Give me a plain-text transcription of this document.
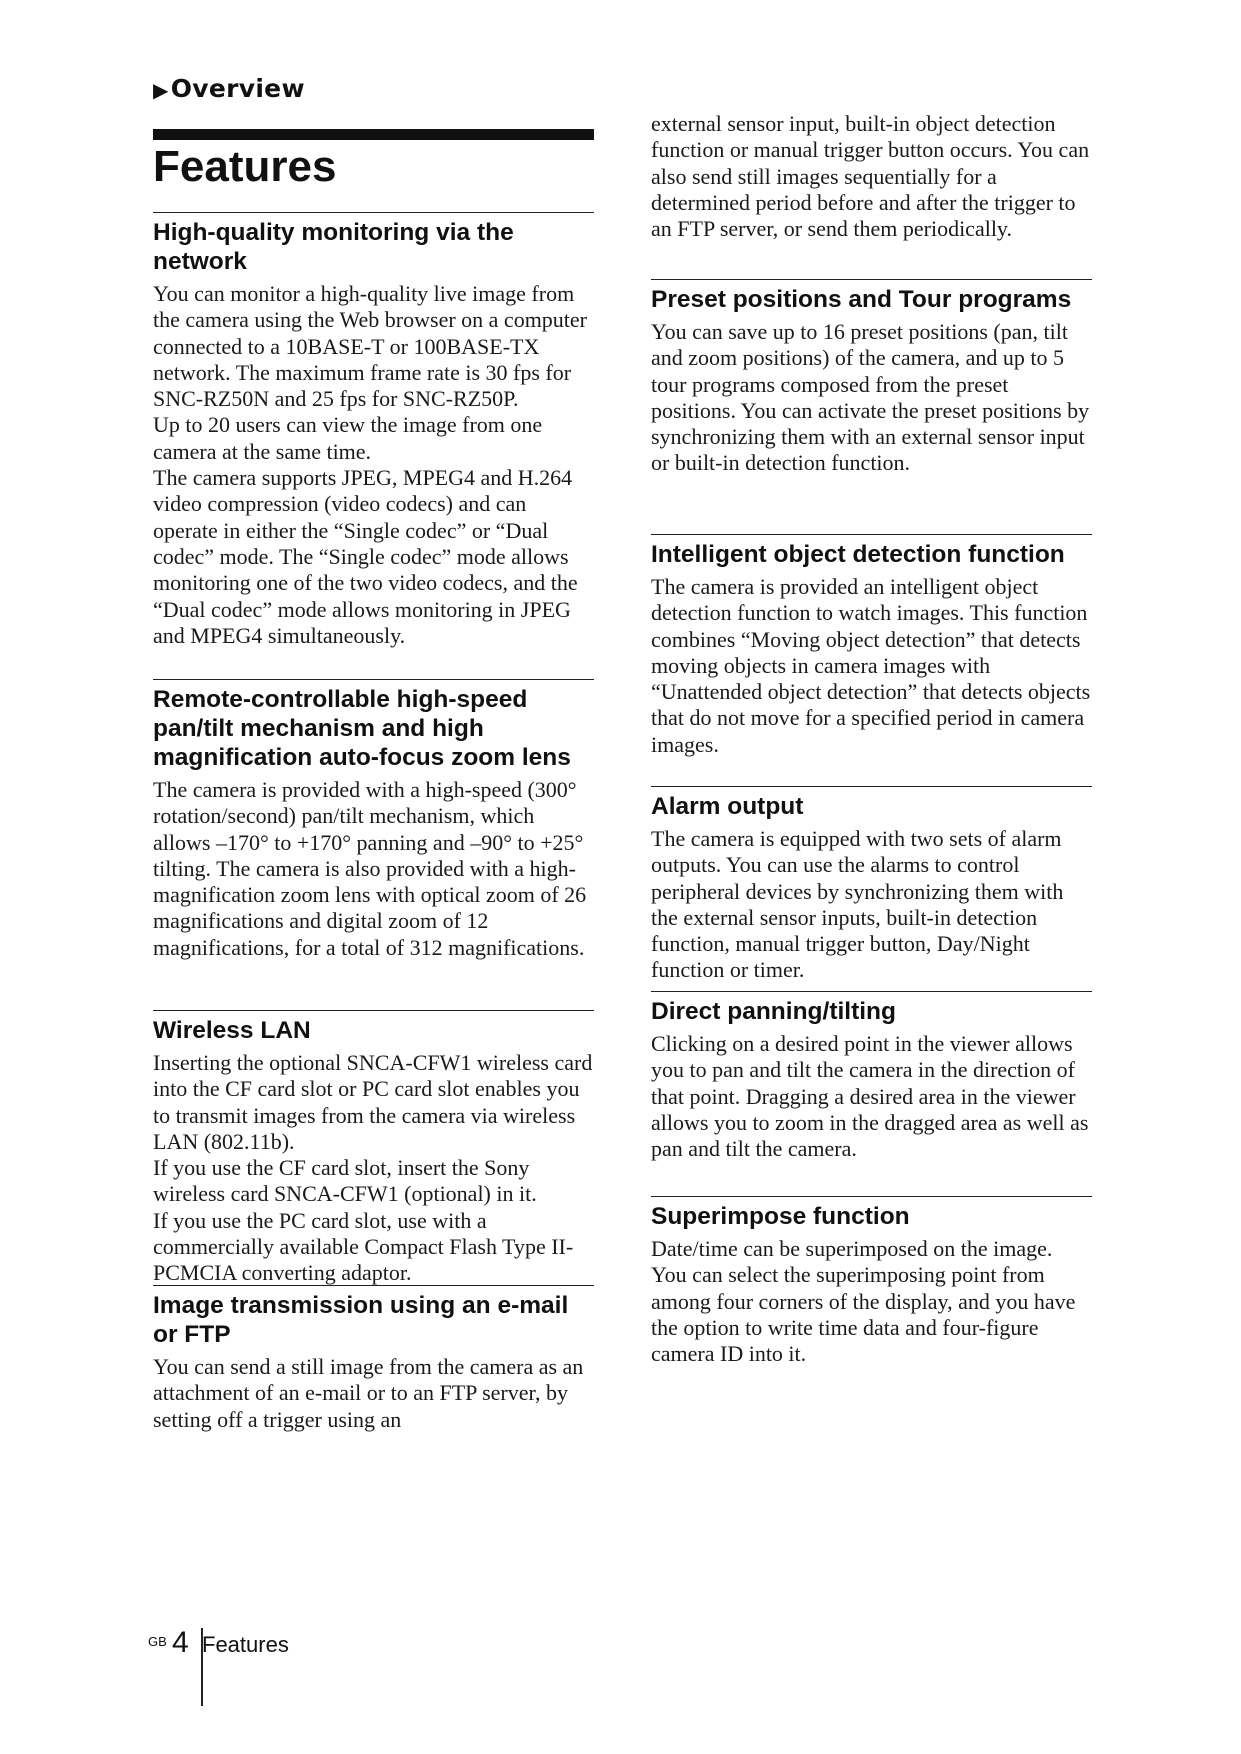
▶Overview
Features
High-quality monitoring via the network

You can monitor a high-quality live image from the camera using the Web browser on a computer connected to a 10BASE-T or 100BASE-TX network. The maximum frame rate is 30 fps for SNC-RZ50N and 25 fps for SNC-RZ50P.

Up to 20 users can view the image from one camera at the same time.

The camera supports JPEG, MPEG4 and H.264 video compression (video codecs) and can operate in either the “Single codec” or “Dual codec” mode. The “Single codec” mode allows monitoring one of the two video codecs, and the “Dual codec” mode allows monitoring in JPEG and MPEG4 simultaneously.

Remote-controllable high-speed pan/tilt mechanism and high magnification auto-focus zoom lens

The camera is provided with a high-speed (300° rotation/second) pan/tilt mechanism, which allows –170° to +170° panning and –90° to +25° tilting. The camera is also provided with a high-magnification zoom lens with optical zoom of 26 magnifications and digital zoom of 12 magnifications, for a total of 312 magnifications.

Wireless LAN

Inserting the optional SNCA-CFW1 wireless card into the CF card slot or PC card slot enables you to transmit images from the camera via wireless LAN (802.11b).

If you use the CF card slot, insert the Sony wireless card SNCA-CFW1 (optional) in it.

If you use the PC card slot, use with a commercially available Compact Flash Type II-PCMCIA converting adaptor.

Image transmission using an e-mail or FTP

You can send a still image from the camera as an attachment of an e-mail or to an FTP server, by setting off a trigger using an

external sensor input, built-in object detection function or manual trigger button occurs. You can also send still images sequentially for a determined period before and after the trigger to an FTP server, or send them periodically.

Preset positions and Tour programs

You can save up to 16 preset positions (pan, tilt and zoom positions) of the camera, and up to 5 tour programs composed from the preset positions. You can activate the preset positions by synchronizing them with an external sensor input or built-in detection function.

Intelligent object detection function

The camera is provided an intelligent object detection function to watch images. This function combines “Moving object detection” that detects moving objects in camera images with “Unattended object detection” that detects objects that do not move for a specified period in camera images.

Alarm output

The camera is equipped with two sets of alarm outputs. You can use the alarms to control peripheral devices by synchronizing them with the external sensor inputs, built-in detection function, manual trigger button, Day/Night function or timer.

Direct panning/tilting

Clicking on a desired point in the viewer allows you to pan and tilt the camera in the direction of that point. Dragging a desired area in the viewer allows you to zoom in the dragged area as well as pan and tilt the camera.

Superimpose function

Date/time can be superimposed on the image. You can select the superimposing point from among four corners of the display, and you have the option to write time data and four-figure camera ID into it.

GB 4 Features
